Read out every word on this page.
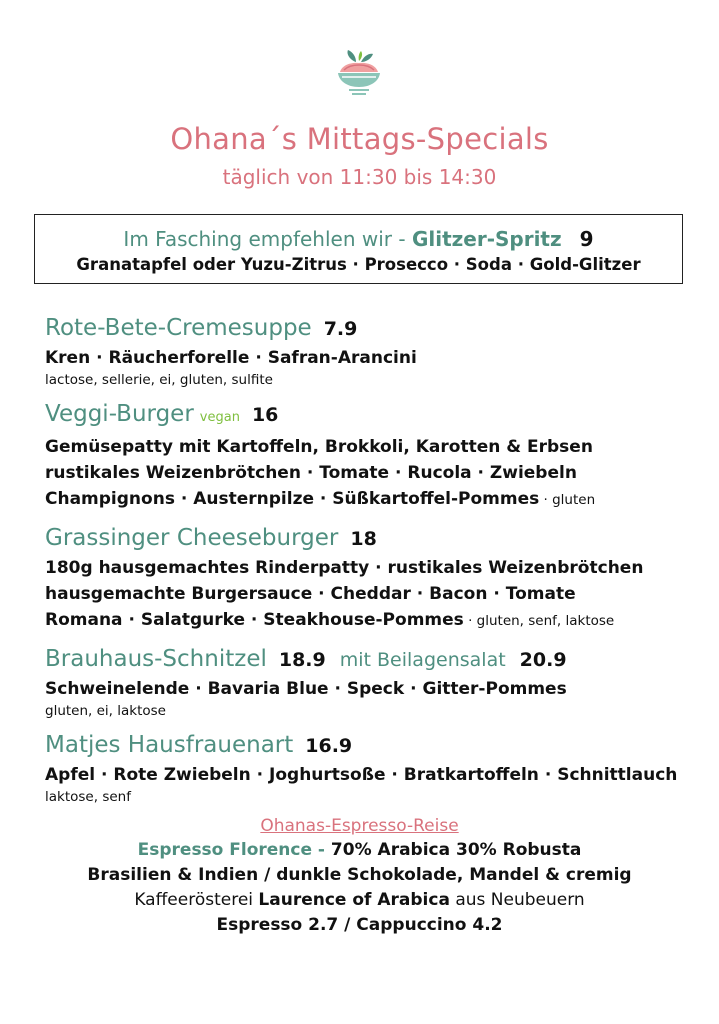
Ohana´s Mittags-Specials
täglich von 11:30 bis 14:30
Im Fasching empfehlen wir - Glitzer-Spritz 9
Granatapfel oder Yuzu-Zitrus · Prosecco · Soda · Gold-Glitzer
Rote-Bete-Cremesuppe 7.9
Kren · Räucherforelle · Safran-Arancini
lactose, sellerie, ei, gluten, sulfite
Veggi-Burger vegan 16
Gemüsepatty mit Kartoffeln, Brokkoli, Karotten & Erbsen
rustikales Weizenbrötchen · Tomate · Rucola · Zwiebeln
Champignons · Austernpilze · Süßkartoffel-Pommes · gluten
Grassinger Cheeseburger 18
180g hausgemachtes Rinderpatty · rustikales Weizenbrötchen
hausgemachte Burgersauce · Cheddar · Bacon · Tomate
Romana · Salatgurke · Steakhouse-Pommes · gluten, senf, laktose
Brauhaus-Schnitzel 18.9 mit Beilagensalat 20.9
Schweinelende · Bavaria Blue · Speck · Gitter-Pommes
gluten, ei, laktose
Matjes Hausfrauenart 16.9
Apfel · Rote Zwiebeln · Joghurtsoße · Bratkartoffeln · Schnittlauch
laktose, senf
Ohanas-Espresso-Reise
Espresso Florence - 70% Arabica 30% Robusta
Brasilien & Indien / dunkle Schokolade, Mandel & cremig
Kaffeerösterei Laurence of Arabica aus Neubeuern
Espresso 2.7 / Cappuccino 4.2
